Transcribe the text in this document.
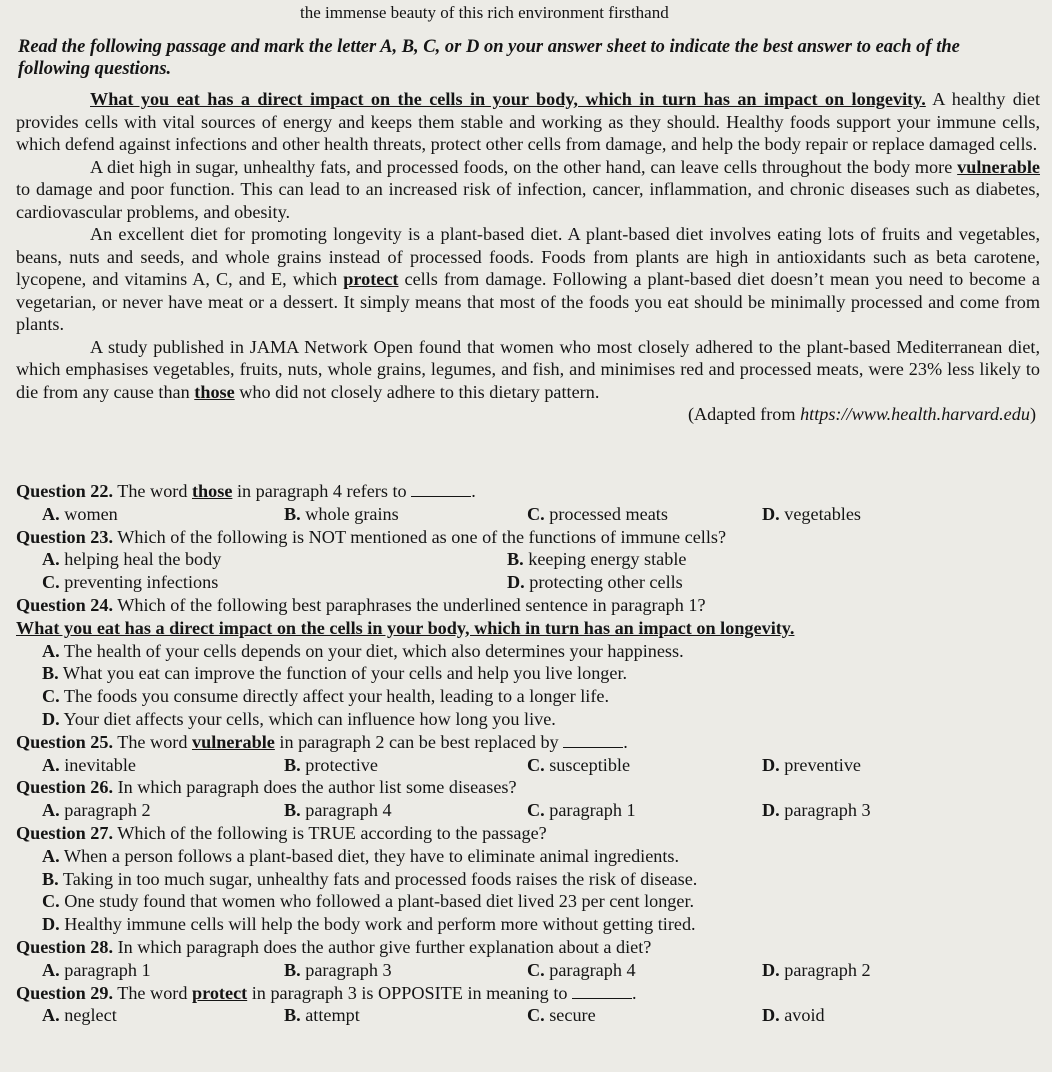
the immense beauty of this rich environment firsthand
Read the following passage and mark the letter A, B, C, or D on your answer sheet to indicate the best answer to each of the following questions.

What you eat has a direct impact on the cells in your body, which in turn has an impact on longevity. A healthy diet provides cells with vital sources of energy and keeps them stable and working as they should. Healthy foods support your immune cells, which defend against infections and other health threats, protect other cells from damage, and help the body repair or replace damaged cells.

A diet high in sugar, unhealthy fats, and processed foods, on the other hand, can leave cells throughout the body more vulnerable to damage and poor function. This can lead to an increased risk of infection, cancer, inflammation, and chronic diseases such as diabetes, cardiovascular problems, and obesity.

An excellent diet for promoting longevity is a plant-based diet. A plant-based diet involves eating lots of fruits and vegetables, beans, nuts and seeds, and whole grains instead of processed foods. Foods from plants are high in antioxidants such as beta carotene, lycopene, and vitamins A, C, and E, which protect cells from damage. Following a plant-based diet doesn’t mean you need to become a vegetarian, or never have meat or a dessert. It simply means that most of the foods you eat should be minimally processed and come from plants.

A study published in JAMA Network Open found that women who most closely adhered to the plant-based Mediterranean diet, which emphasises vegetables, fruits, nuts, whole grains, legumes, and fish, and minimises red and processed meats, were 23% less likely to die from any cause than those who did not closely adhere to this dietary pattern.

(Adapted from https://www.health.harvard.edu)

Question 22. The word those in paragraph 4 refers to	.

A. women	B. whole grains	C. processed meats	D. vegetables

Question 23. Which of the following is NOT mentioned as one of the functions of immune cells?

A. helping heal the body	B. keeping energy stable
C. preventing infections	D. protecting other cells

Question 24. Which of the following best paraphrases the underlined sentence in paragraph 1?

What you eat has a direct impact on the cells in your body, which in turn has an impact on longevity.

A. The health of your cells depends on your diet, which also determines your happiness.

B. What you eat can improve the function of your cells and help you live longer.

C. The foods you consume directly affect your health, leading to a longer life.

D. Your diet affects your cells, which can influence how long you live.

Question 25. The word vulnerable in paragraph 2 can be best replaced by	.

A. inevitable	B. protective	C. susceptible	D. preventive

Question 26. In which paragraph does the author list some diseases?

A. paragraph 2	B. paragraph 4	C. paragraph 1	D. paragraph 3

Question 27. Which of the following is TRUE according to the passage?

A. When a person follows a plant-based diet, they have to eliminate animal ingredients.

B. Taking in too much sugar, unhealthy fats and processed foods raises the risk of disease.

C. One study found that women who followed a plant-based diet lived 23 per cent longer.

D. Healthy immune cells will help the body work and perform more without getting tired.

Question 28. In which paragraph does the author give further explanation about a diet?

A. paragraph 1	B. paragraph 3	C. paragraph 4	D. paragraph 2

Question 29. The word protect in paragraph 3 is OPPOSITE in meaning to	.

A. neglect	B. attempt	C. secure	D. avoid
